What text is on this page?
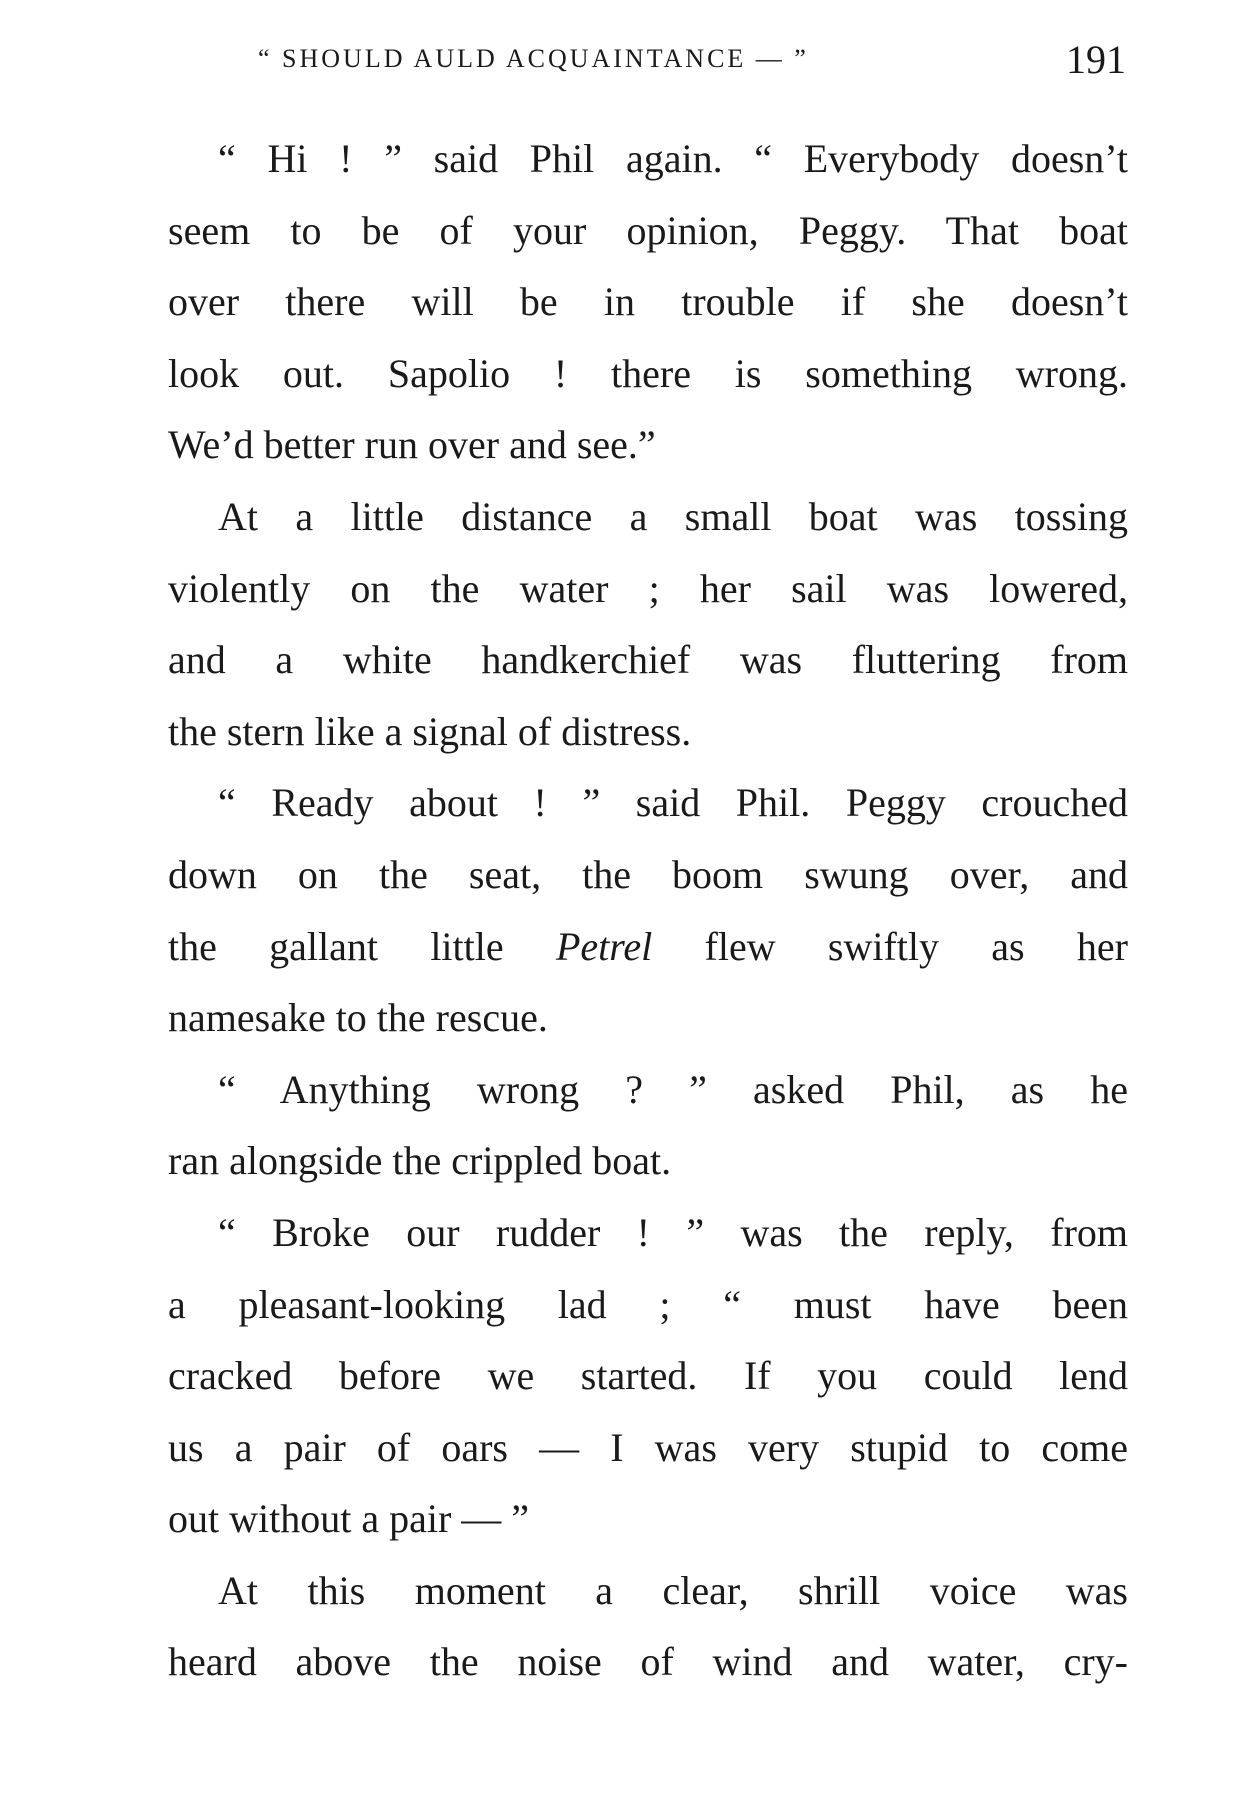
“ SHOULD AULD ACQUAINTANCE — ”	191
“ Hi ! ” said Phil again. “ Everybody doesn’t
seem to be of your opinion, Peggy. That boat
over there will be in trouble if she doesn’t
look out. Sapolio ! there is something wrong.
We’d better run over and see.”
At a little distance a small boat was tossing
violently on the water ; her sail was lowered,
and a white handkerchief was fluttering from
the stern like a signal of distress.
“ Ready about ! ” said Phil. Peggy crouched
down on the seat, the boom swung over, and
the gallant little Petrel flew swiftly as her
namesake to the rescue.
“ Anything wrong ? ” asked Phil, as he
ran alongside the crippled boat.
“ Broke our rudder ! ” was the reply, from
a pleasant-looking lad ; “ must have been
cracked before we started. If you could lend
us a pair of oars — I was very stupid to come
out without a pair — ”
At this moment a clear, shrill voice was
heard above the noise of wind and water, cry-
